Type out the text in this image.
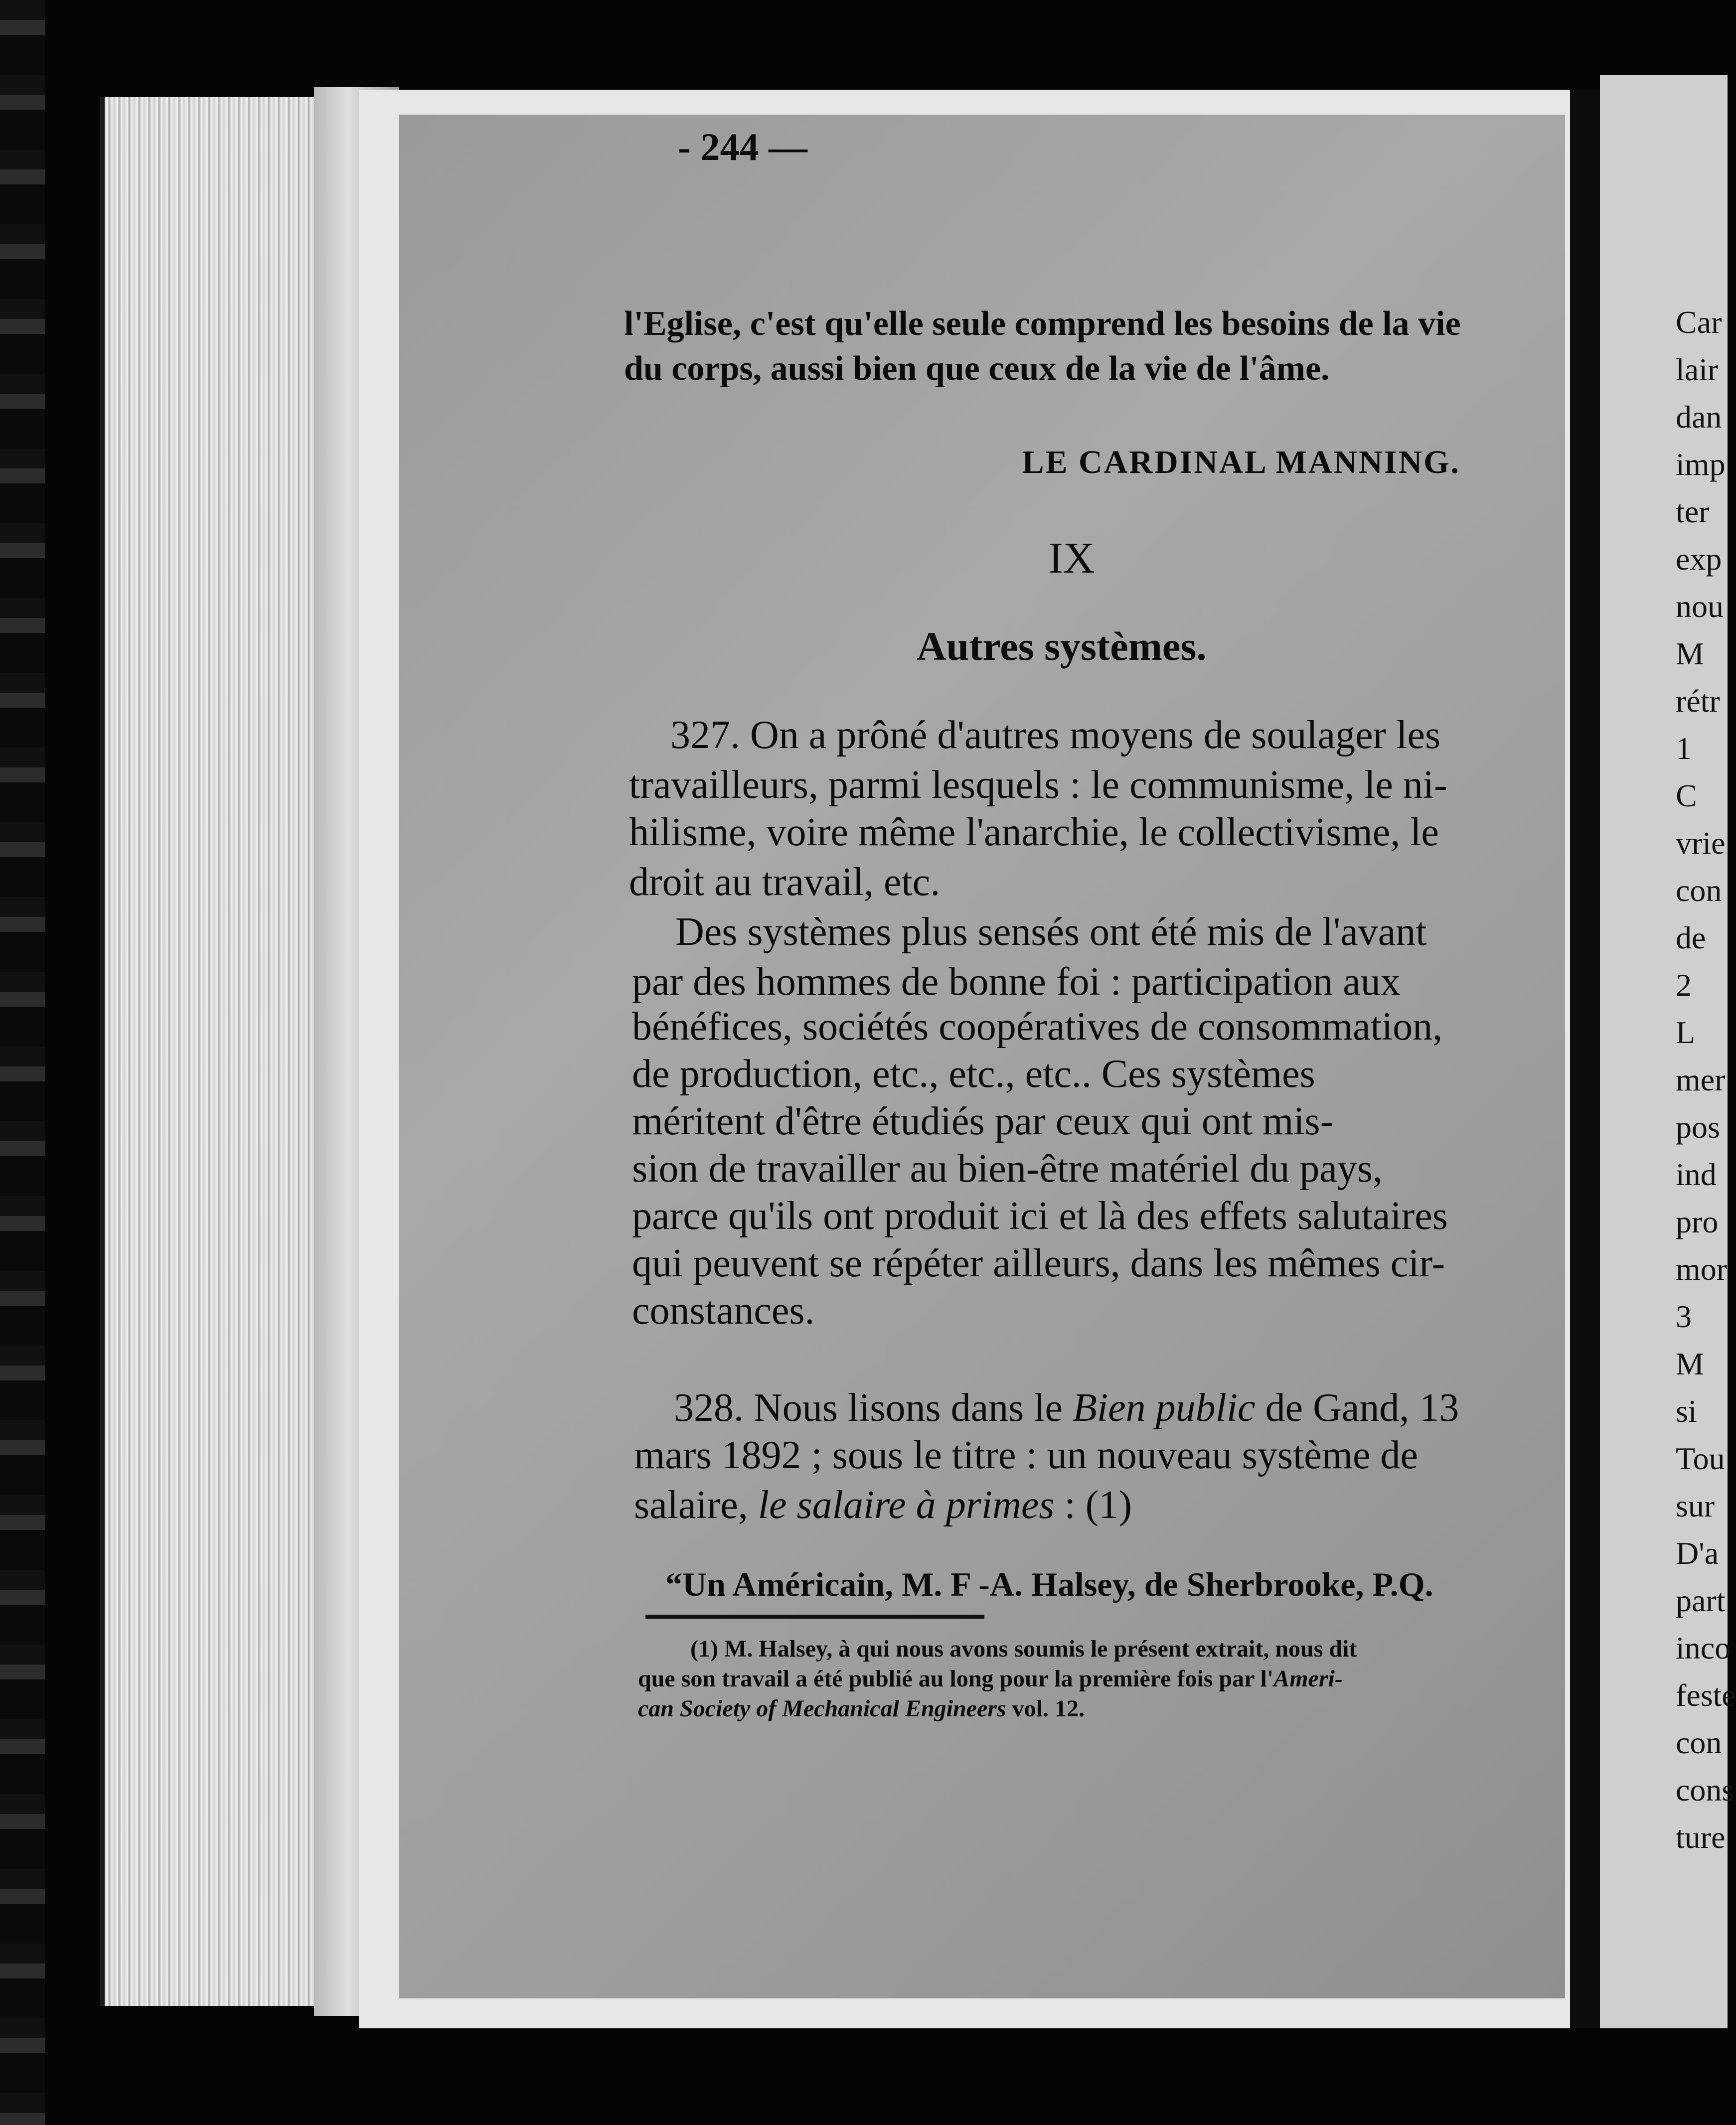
- 244 —
l'Eglise, c'est qu'elle seule comprend les besoins de la vie
du corps, aussi bien que ceux de la vie de l'âme.
LE CARDINAL MANNING.
IX
Autres systèmes.
327. On a prôné d'autres moyens de soulager les
travailleurs, parmi lesquels : le communisme, le ni-
hilisme, voire même l'anarchie, le collectivisme, le
droit au travail, etc.
Des systèmes plus sensés ont été mis de l'avant
par des hommes de bonne foi : participation aux
bénéfices, sociétés coopératives de consommation,
de production, etc., etc., etc.. Ces systèmes
méritent d'être étudiés par ceux qui ont mis-
sion de travailler au bien-être matériel du pays,
parce qu'ils ont produit ici et là des effets salutaires
qui peuvent se répéter ailleurs, dans les mêmes cir-
constances.
328. Nous lisons dans le Bien public de Gand, 13
mars 1892 ; sous le titre : un nouveau système de
salaire, le salaire à primes : (1)
“Un Américain, M. F -A. Halsey, de Sherbrooke, P.Q.
(1) M. Halsey, à qui nous avons soumis le présent extrait, nous dit
que son travail a été publié au long pour la première fois par l'Ameri-
can Society of Mechanical Engineers vol. 12.
Car
lair
dan
imp
ter
exp
nou
M
rétr
1
C
vrie
con
de
2
L
mer
pos
ind
pro
mor
3
M
si
Tou
sur
D'a
part
inco
feste
con
cons
ture
